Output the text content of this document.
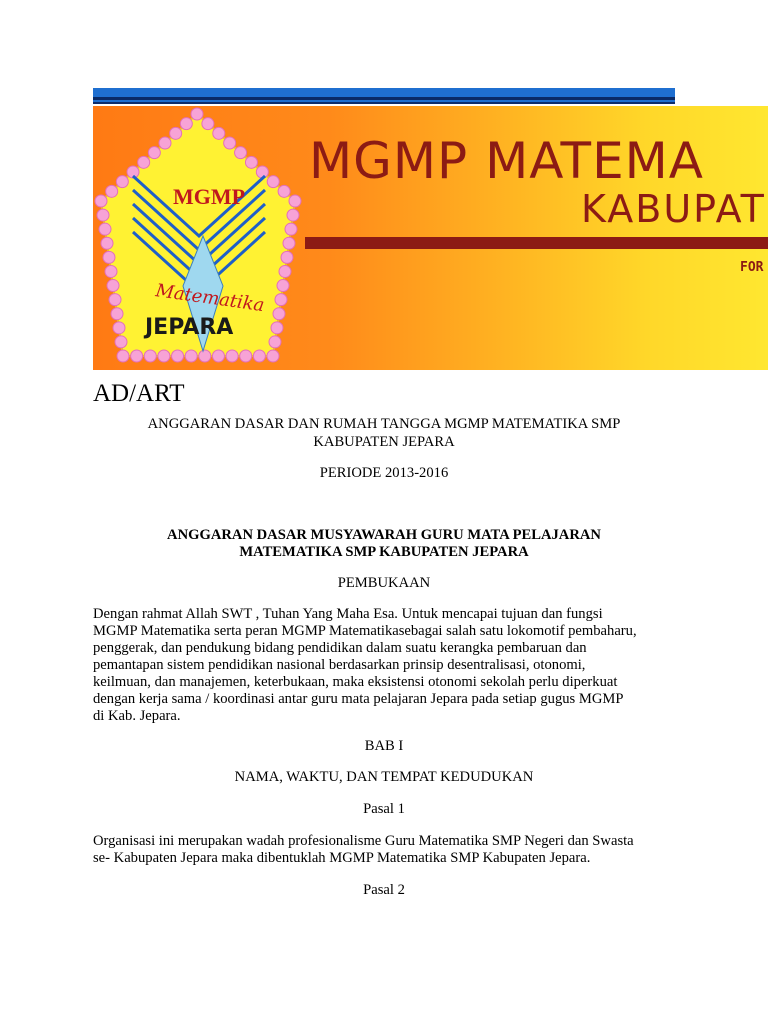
MGMP
Matematika
JEPARA
MGMP MATEMA
KABUPAT
FOR
AD/ART
ANGGARAN DASAR DAN RUMAH TANGGA MGMP MATEMATIKA SMP
KABUPATEN JEPARA
PERIODE 2013-2016
ANGGARAN DASAR MUSYAWARAH GURU MATA PELAJARAN
MATEMATIKA SMP KABUPATEN JEPARA
PEMBUKAAN
Dengan rahmat Allah SWT , Tuhan Yang Maha Esa. Untuk mencapai tujuan dan fungsi
MGMP Matematika serta peran MGMP Matematikasebagai salah satu lokomotif pembaharu,
penggerak, dan pendukung bidang pendidikan dalam suatu kerangka pembaruan dan
pemantapan sistem pendidikan nasional berdasarkan prinsip desentralisasi, otonomi,
keilmuan, dan manajemen, keterbukaan, maka eksistensi otonomi sekolah perlu diperkuat
dengan kerja sama / koordinasi antar guru mata pelajaran Jepara pada setiap gugus MGMP
di Kab. Jepara.
BAB I
NAMA, WAKTU, DAN TEMPAT KEDUDUKAN
Pasal 1
Organisasi ini merupakan wadah profesionalisme Guru Matematika SMP Negeri dan Swasta
se- Kabupaten Jepara maka dibentuklah MGMP Matematika SMP Kabupaten Jepara.
Pasal 2
